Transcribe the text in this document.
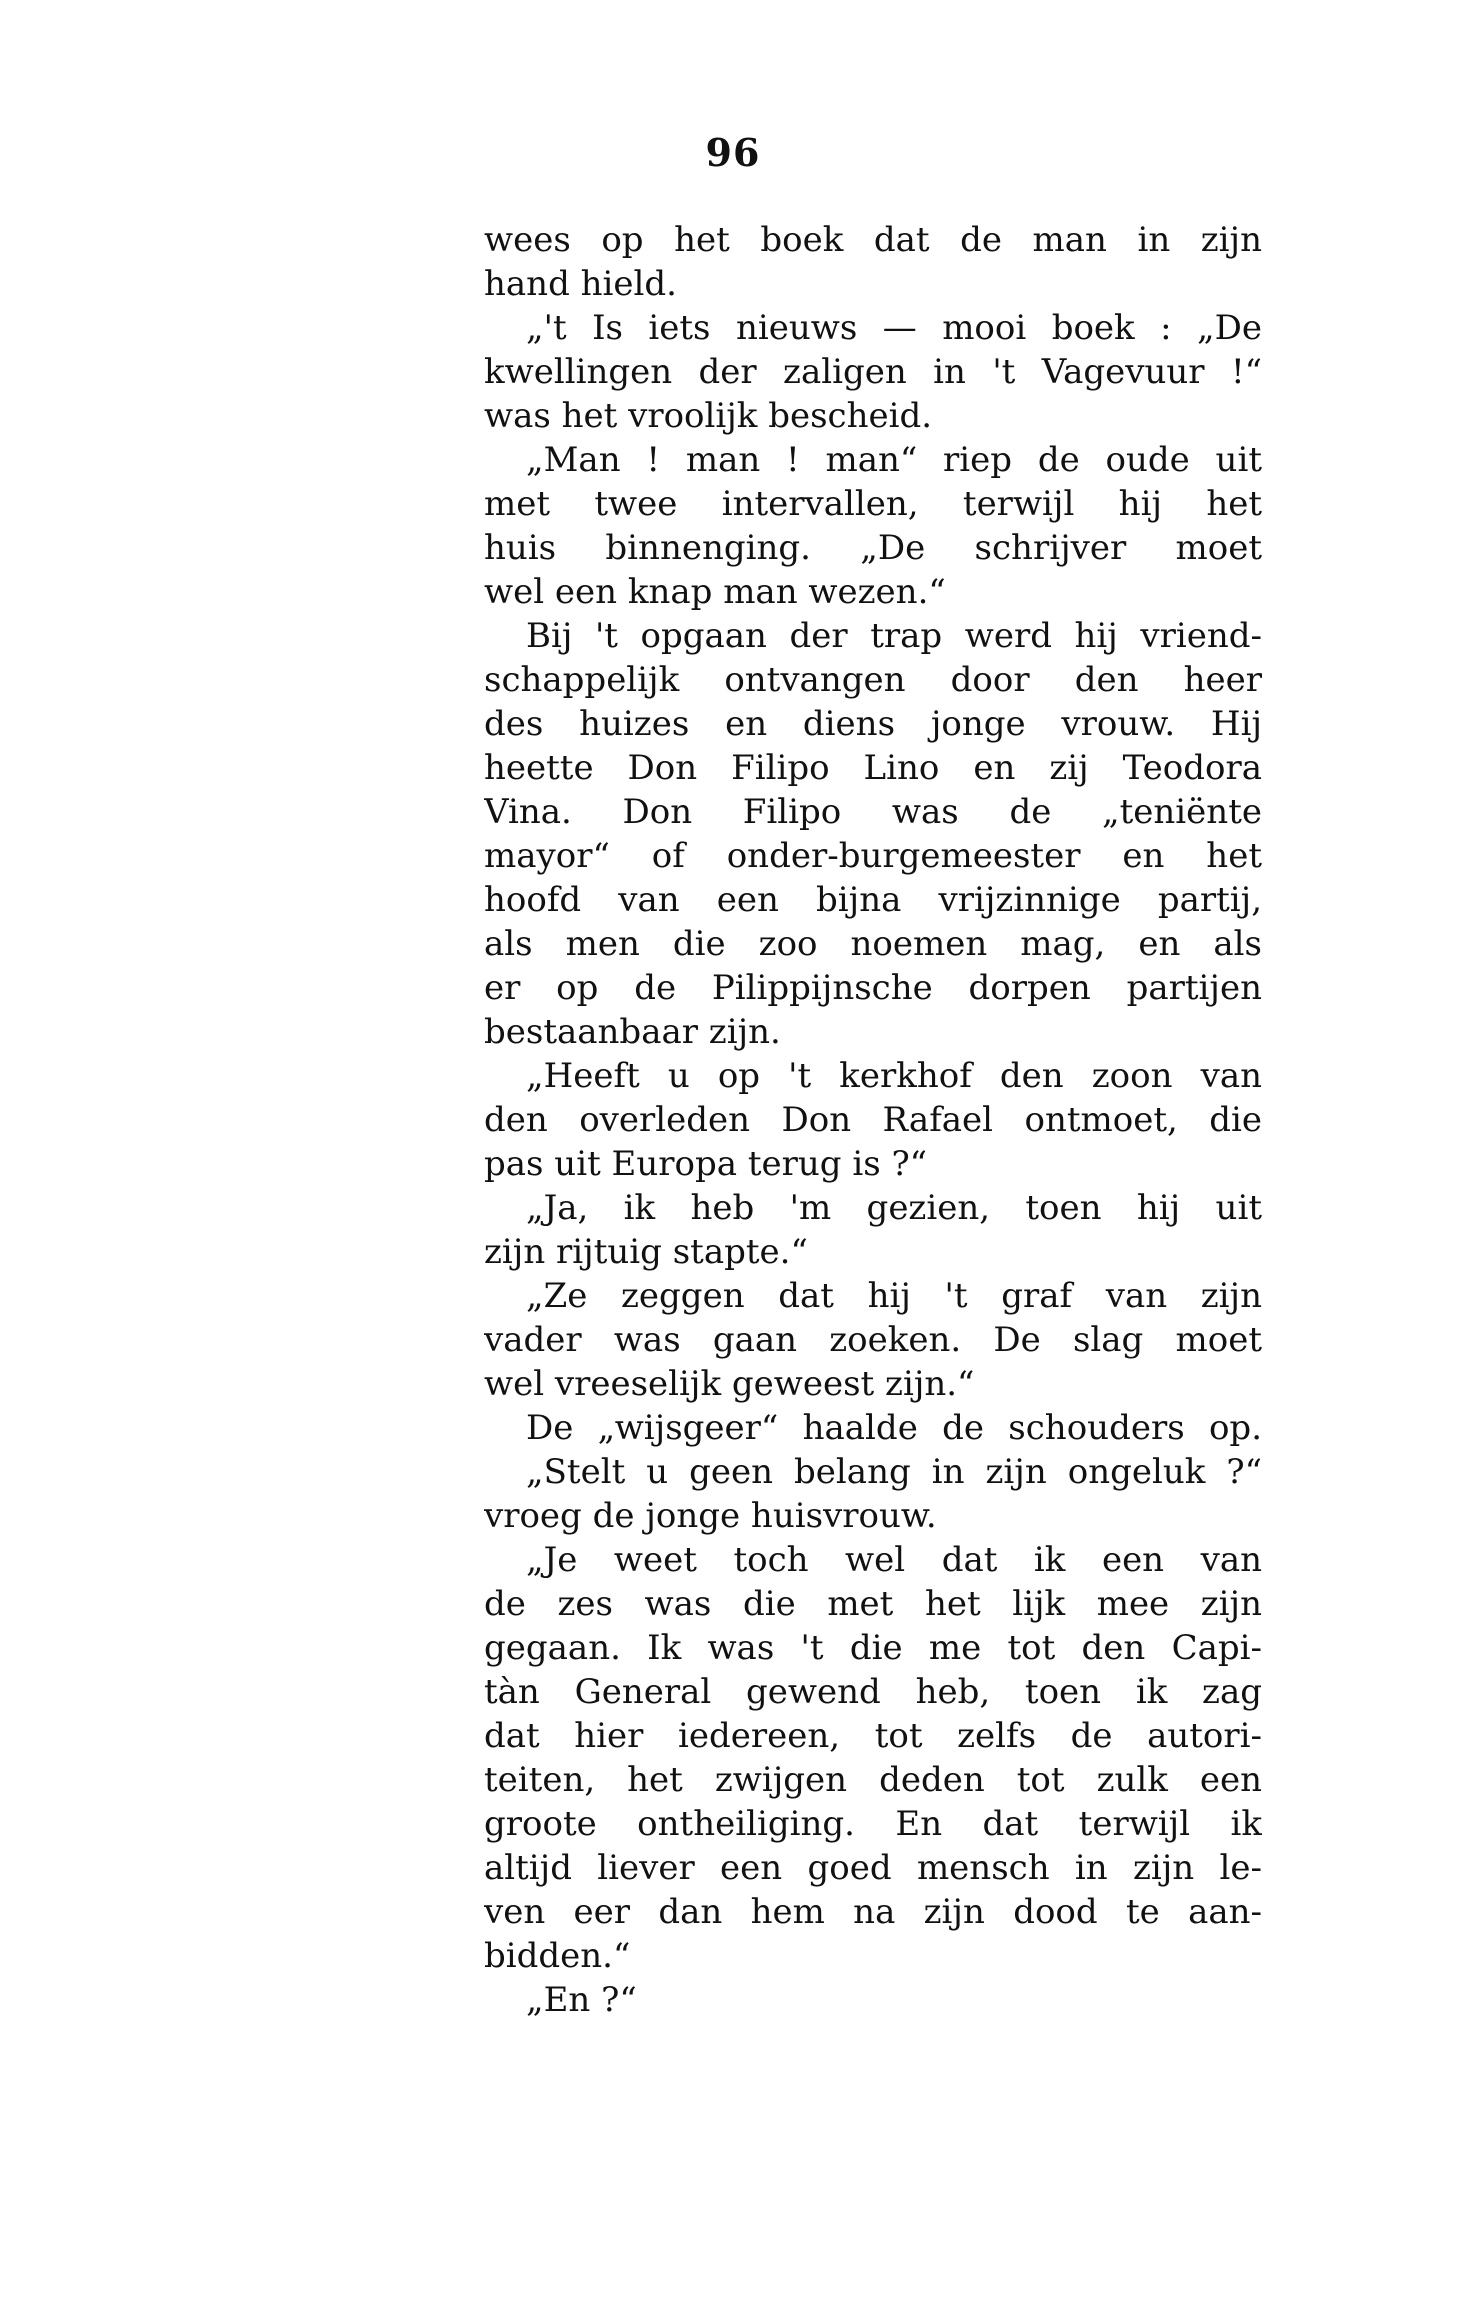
96
wees op het boek dat de man in zijn
hand hield.
„'t Is iets nieuws — mooi boek : „De
kwellingen der zaligen in 't Vagevuur !“
was het vroolijk bescheid.
„Man ! man ! man“ riep de oude uit
met twee intervallen, terwijl hij het
huis binnenging. „De schrijver moet
wel een knap man wezen.“
Bij 't opgaan der trap werd hij vriend-
schappelijk ontvangen door den heer
des huizes en diens jonge vrouw. Hij
heette Don Filipo Lino en zij Teodora
Vina. Don Filipo was de „teniënte
mayor“ of onder-burgemeester en het
hoofd van een bijna vrijzinnige partij,
als men die zoo noemen mag, en als
er op de Pilippijnsche dorpen partijen
bestaanbaar zijn.
„Heeft u op 't kerkhof den zoon van
den overleden Don Rafael ontmoet, die
pas uit Europa terug is ?“
„Ja, ik heb 'm gezien, toen hij uit
zijn rijtuig stapte.“
„Ze zeggen dat hij 't graf van zijn
vader was gaan zoeken. De slag moet
wel vreeselijk geweest zijn.“
De „wijsgeer“ haalde de schouders op.
„Stelt u geen belang in zijn ongeluk ?“
vroeg de jonge huisvrouw.
„Je weet toch wel dat ik een van
de zes was die met het lijk mee zijn
gegaan. Ik was 't die me tot den Capi-
tàn General gewend heb, toen ik zag
dat hier iedereen, tot zelfs de autori-
teiten, het zwijgen deden tot zulk een
groote ontheiliging. En dat terwijl ik
altijd liever een goed mensch in zijn le-
ven eer dan hem na zijn dood te aan-
bidden.“
„En ?“
